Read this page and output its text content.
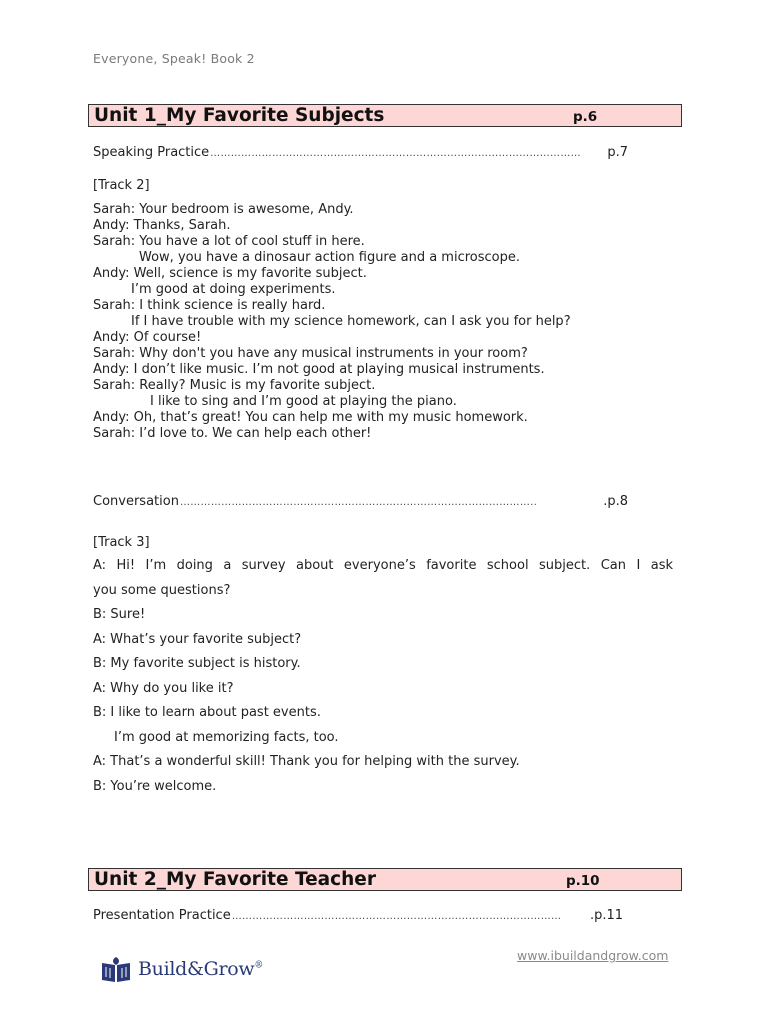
Everyone, Speak! Book 2
Unit 1_My Favorite Subjects	p.6
Speaking Practice ………………………………………………………………………………………………	p.7
[Track 2]
Sarah: Your bedroom is awesome, Andy.
Andy: Thanks, Sarah.
Sarah: You have a lot of cool stuff in here.
Wow, you have a dinosaur action figure and a microscope.
Andy: Well, science is my favorite subject.
I’m good at doing experiments.
Sarah: I think science is really hard.
If I have trouble with my science homework, can I ask you for help?
Andy: Of course!
Sarah: Why don't you have any musical instruments in your room?
Andy: I don’t like music. I’m not good at playing musical instruments.
Sarah: Really? Music is my favorite subject.
I like to sing and I’m good at playing the piano.
Andy: Oh, that’s great! You can help me with my music homework.
Sarah: I’d love to. We can help each other!
Conversation …………………………………………………………………………………………..	.p.8
[Track 3]
A: Hi! I’m doing a survey about everyone’s favorite school subject. Can I ask
you some questions?
B: Sure!
A: What’s your favorite subject?
B: My favorite subject is history.
A: Why do you like it?
B: I like to learn about past events.
I’m good at memorizing facts, too.
A: That’s a wonderful skill! Thank you for helping with the survey.
B: You’re welcome.
Unit 2_My Favorite Teacher	p.10
Presentation Practice ……………………………………………………………………………………	.p.11
www.ibuildandgrow.com
Build&Grow®
